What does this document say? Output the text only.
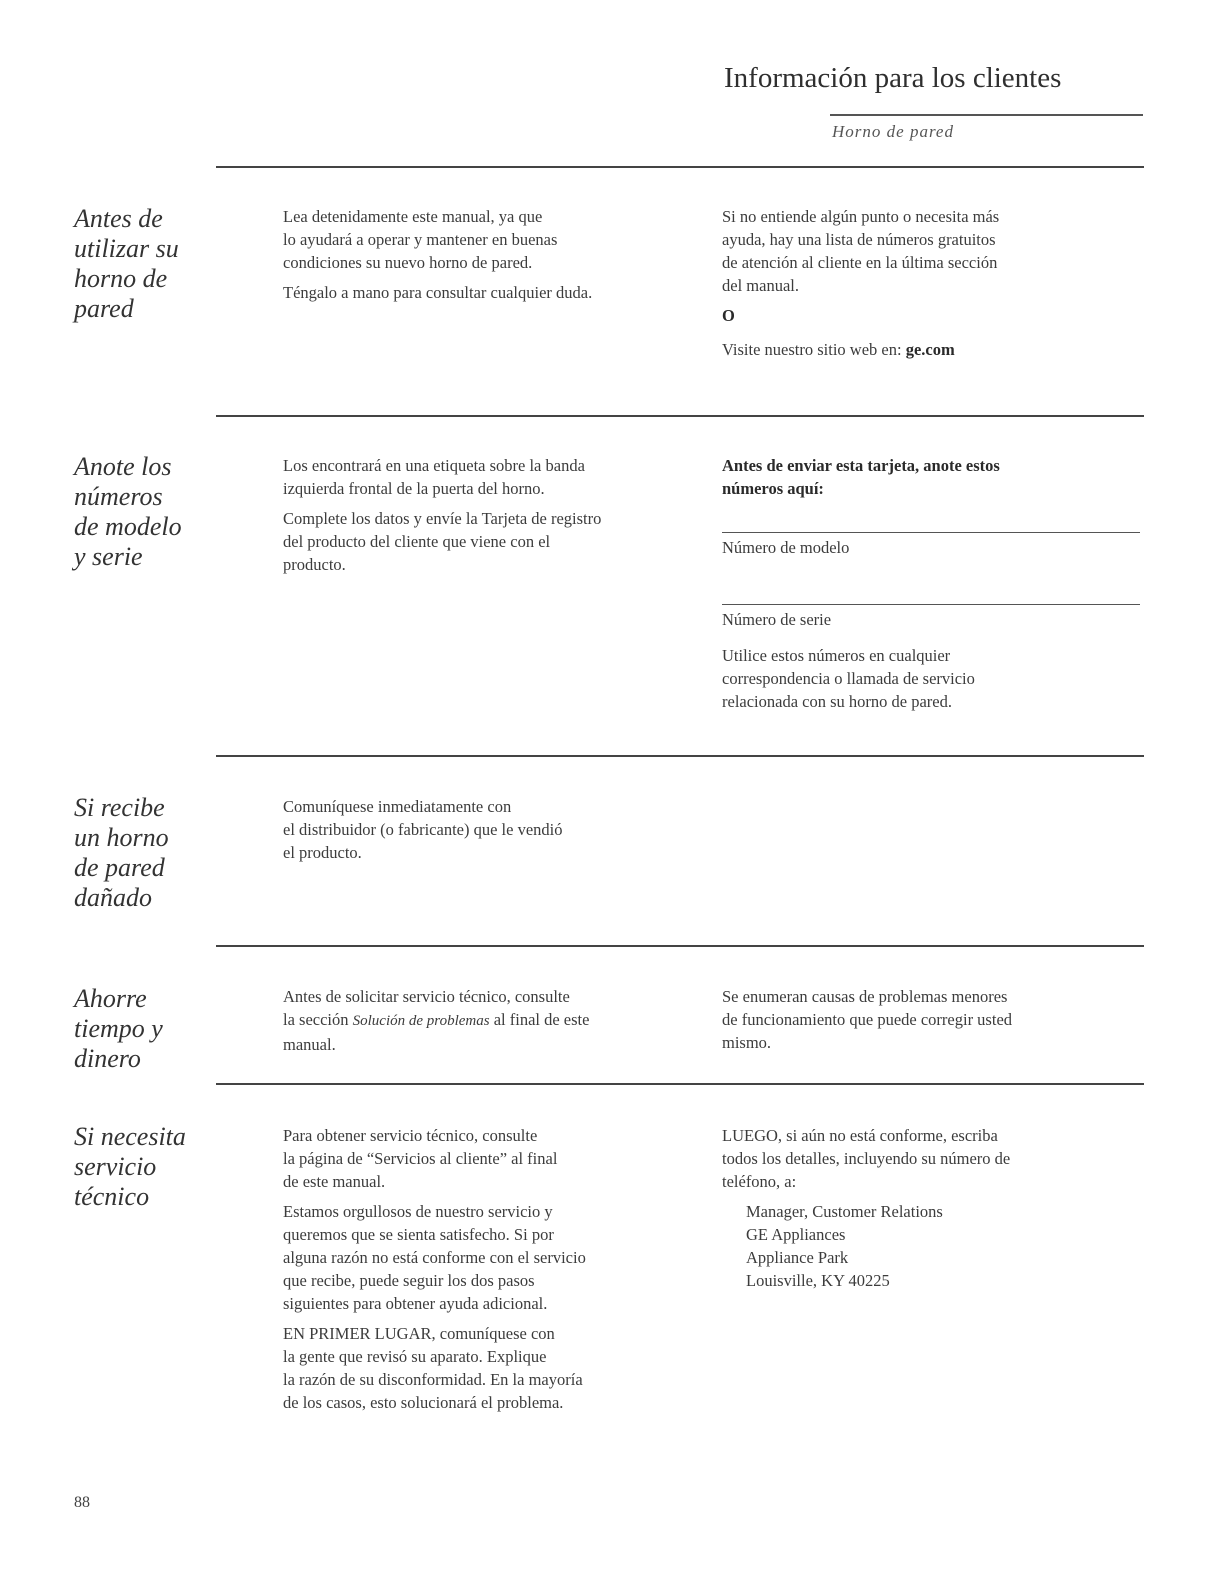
Información para los clientes
Horno de pared
Antes de
utilizar su
horno de
pared

Lea detenidamente este manual, ya que
lo ayudará a operar y mantener en buenas
condiciones su nuevo horno de pared.

Téngalo a mano para consultar cualquier duda.

Si no entiende algún punto o necesita más
ayuda, hay una lista de números gratuitos
de atención al cliente en la última sección
del manual.

O

Visite nuestro sitio web en: ge.com

Anote los
números
de modelo
y serie

Los encontrará en una etiqueta sobre la banda
izquierda frontal de la puerta del horno.

Complete los datos y envíe la Tarjeta de registro
del producto del cliente que viene con el
producto.

Antes de enviar esta tarjeta, anote estos
números aquí:

Número de modelo
Número de serie

Utilice estos números en cualquier
correspondencia o llamada de servicio
relacionada con su horno de pared.

Si recibe
un horno
de pared
dañado

Comuníquese inmediatamente con
el distribuidor (o fabricante) que le vendió
el producto.

Ahorre
tiempo y
dinero

Antes de solicitar servicio técnico, consulte
la sección Solución de problemas al final de este
manual.

Se enumeran causas de problemas menores
de funcionamiento que puede corregir usted
mismo.

Si necesita
servicio
técnico

Para obtener servicio técnico, consulte
la página de “Servicios al cliente” al final
de este manual.

Estamos orgullosos de nuestro servicio y
queremos que se sienta satisfecho. Si por
alguna razón no está conforme con el servicio
que recibe, puede seguir los dos pasos
siguientes para obtener ayuda adicional.

EN PRIMER LUGAR, comuníquese con
la gente que revisó su aparato. Explique
la razón de su disconformidad. En la mayoría
de los casos, esto solucionará el problema.

LUEGO, si aún no está conforme, escriba
todos los detalles, incluyendo su número de
teléfono, a:

Manager, Customer Relations
GE Appliances
Appliance Park
Louisville, KY 40225

88
